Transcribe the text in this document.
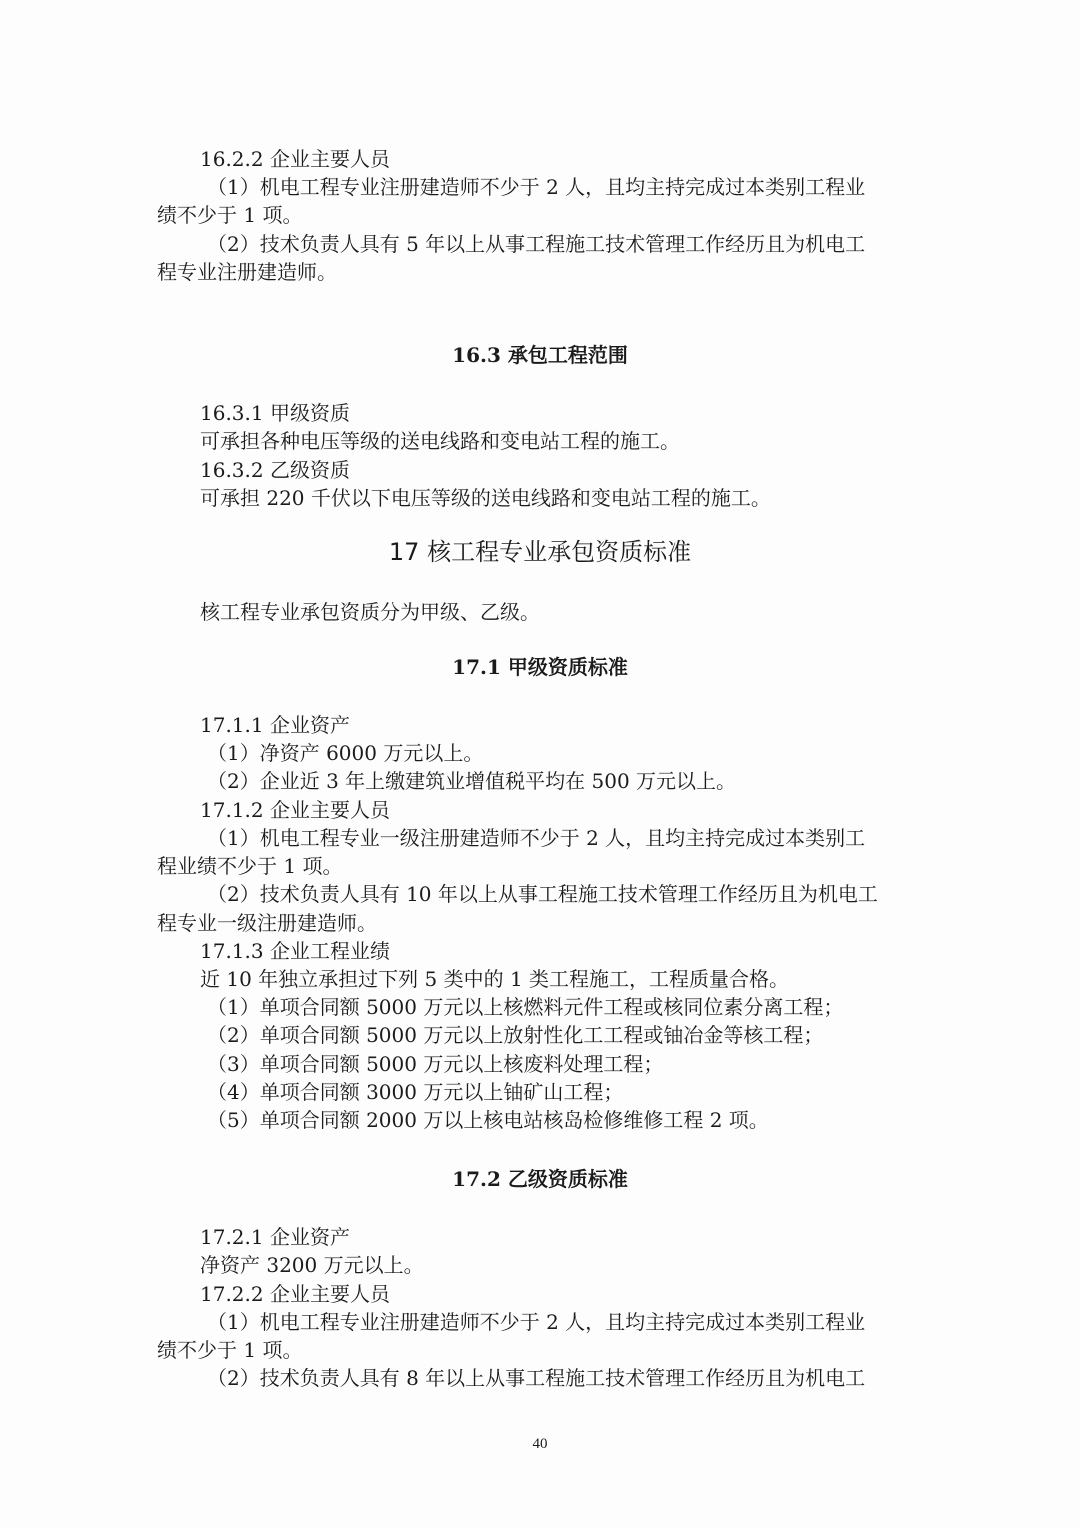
16.2.2 企业主要人员
（1）机电工程专业注册建造师不少于 2 人，且均主持完成过本类别工程业
绩不少于 1 项。
（2）技术负责人具有 5 年以上从事工程施工技术管理工作经历且为机电工
程专业注册建造师。
16.3 承包工程范围
16.3.1 甲级资质
可承担各种电压等级的送电线路和变电站工程的施工。
16.3.2 乙级资质
可承担 220 千伏以下电压等级的送电线路和变电站工程的施工。
17 核工程专业承包资质标准
核工程专业承包资质分为甲级、乙级。
17.1 甲级资质标准
17.1.1 企业资产
（1）净资产 6000 万元以上。
（2）企业近 3 年上缴建筑业增值税平均在 500 万元以上。
17.1.2 企业主要人员
（1）机电工程专业一级注册建造师不少于 2 人，且均主持完成过本类别工
程业绩不少于 1 项。
（2）技术负责人具有 10 年以上从事工程施工技术管理工作经历且为机电工
程专业一级注册建造师。
17.1.3 企业工程业绩
近 10 年独立承担过下列 5 类中的 1 类工程施工，工程质量合格。
（1）单项合同额 5000 万元以上核燃料元件工程或核同位素分离工程；
（2）单项合同额 5000 万元以上放射性化工工程或铀冶金等核工程；
（3）单项合同额 5000 万元以上核废料处理工程；
（4）单项合同额 3000 万元以上铀矿山工程；
（5）单项合同额 2000 万以上核电站核岛检修维修工程 2 项。
17.2 乙级资质标准
17.2.1 企业资产
净资产 3200 万元以上。
17.2.2 企业主要人员
（1）机电工程专业注册建造师不少于 2 人，且均主持完成过本类别工程业
绩不少于 1 项。
（2）技术负责人具有 8 年以上从事工程施工技术管理工作经历且为机电工
40
